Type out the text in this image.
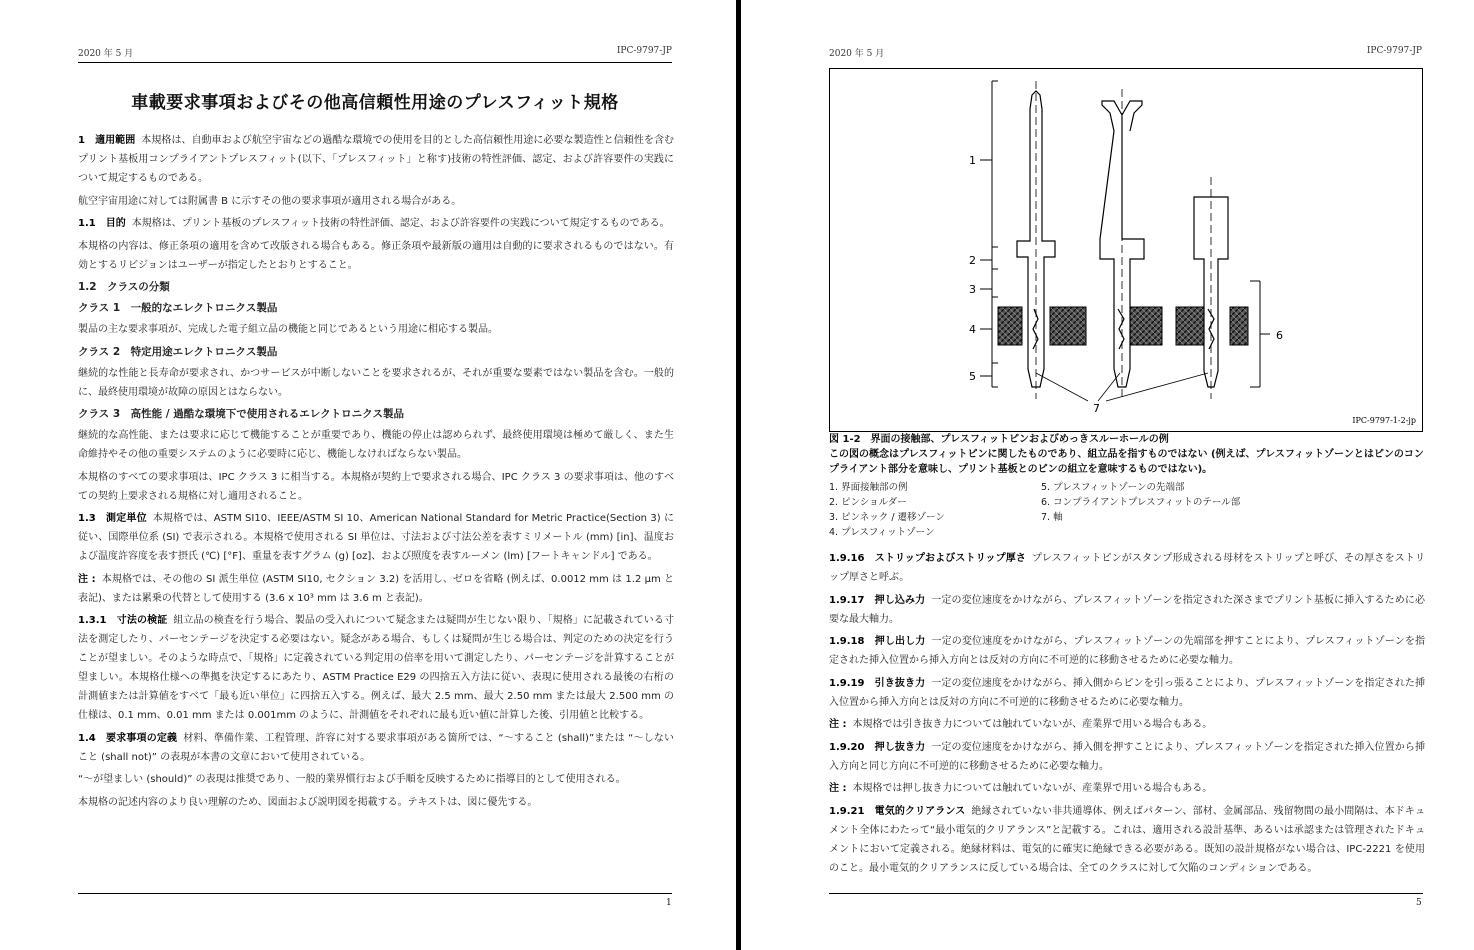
2020 年 5 月	IPC-9797-JP
車載要求事項およびその他高信頼性用途のプレスフィット規格

1　適用範囲 本規格は、自動車および航空宇宙などの過酷な環境での使用を目的とした高信頼性用途に必要な製造性と信頼性を含むプリント基板用コンプライアントプレスフィット(以下、「プレスフィット」と称す)技術の特性評価、認定、および許容要件の実践について規定するものである。

航空宇宙用途に対しては附属書 B に示すその他の要求事項が適用される場合がある。

1.1　目的 本規格は、プリント基板のプレスフィット技術の特性評価、認定、および許容要件の実践について規定するものである。

本規格の内容は、修正条項の適用を含めて改版される場合もある。修正条項や最新版の適用は自動的に要求されるものではない。有効とするリビジョンはユーザーが指定したとおりとすること。

1.2　クラスの分類

クラス 1　一般的なエレクトロニクス製品

製品の主な要求事項が、完成した電子組立品の機能と同じであるという用途に相応する製品。

クラス 2　特定用途エレクトロニクス製品

継続的な性能と長寿命が要求され、かつサービスが中断しないことを要求されるが、それが重要な要素ではない製品を含む。一般的に、最終使用環境が故障の原因とはならない。

クラス 3　高性能 / 過酷な環境下で使用されるエレクトロニクス製品

継続的な高性能、または要求に応じて機能することが重要であり、機能の停止は認められず、最終使用環境は極めて厳しく、また生命維持やその他の重要システムのように必要時に応じ、機能しなければならない製品。

本規格のすべての要求事項は、IPC クラス 3 に相当する。本規格が契約上で要求される場合、IPC クラス 3 の要求事項は、他のすべての契約上要求される規格に対し適用されること。

1.3　測定単位 本規格では、ASTM SI10、IEEE/ASTM SI 10、American National Standard for Metric Practice(Section 3) に従い、国際単位系 (SI) で表示される。本規格で使用される SI 単位は、寸法および寸法公差を表すミリメートル (mm) [in]、温度および温度許容度を表す摂氏 (℃) [°F]、重量を表すグラム (g) [oz]、および照度を表すルーメン (lm) [フートキャンドル] である。

注 : 本規格では、その他の SI 派生単位 (ASTM SI10, セクション 3.2) を活用し、ゼロを省略 (例えば、0.0012 mm は 1.2 µm と表記)、または累乗の代替として使用する (3.6 x 10³ mm は 3.6 m と表記)。

1.3.1　寸法の検証 組立品の検査を行う場合、製品の受入れについて疑念または疑問が生じない限り、「規格」に記載されている寸法を測定したり、パーセンテージを決定する必要はない。疑念がある場合、もしくは疑問が生じる場合は、判定のための決定を行うことが望ましい。そのような時点で、「規格」に定義されている判定用の倍率を用いて測定したり、パーセンテージを計算することが望ましい。本規格仕様への準拠を決定するにあたり、ASTM Practice E29 の四捨五入方法に従い、表現に使用される最後の右桁の計測値または計算値をすべて「最も近い単位」に四捨五入する。例えば、最大 2.5 mm、最大 2.50 mm または最大 2.500 mm の仕様は、0.1 mm、0.01 mm または 0.001mm のように、計測値をそれぞれに最も近い値に計算した後、引用値と比較する。

1.4　要求事項の定義 材料、準備作業、工程管理、許容に対する要求事項がある箇所では、“～すること (shall)”または “～しないこと (shall not)” の表現が本書の文章において使用されている。

“～が望ましい (should)” の表現は推奨であり、一般的業界慣行および手順を反映するために指導目的として使用される。

本規格の記述内容のより良い理解のため、図面および説明図を掲載する。テキストは、図に優先する。

1
2020 年 5 月	IPC-9797-JP
1
2
3
4
5
6
7
IPC-9797-1-2-jp
図 1-2　界面の接触部、プレスフィットピンおよびめっきスルーホールの例
この図の概念はプレスフィットピンに関したものであり、組立品を指すものではない (例えば、プレスフィットゾーンとはピンのコンプライアント部分を意味し、プリント基板とのピンの組立を意味するものではない)。
1. 界面接触部の例
2. ピンショルダー
3. ピンネック / 遷移ゾーン
4. プレスフィットゾーン
5. プレスフィットゾーンの先端部
6. コンプライアントプレスフィットのテール部
7. 軸

1.9.16　ストリップおよびストリップ厚さ プレスフィットピンがスタンプ形成される母材をストリップと呼び、その厚さをストリップ厚さと呼ぶ。

1.9.17　押し込み力 一定の変位速度をかけながら、プレスフィットゾーンを指定された深さまでプリント基板に挿入するために必要な最大軸力。

1.9.18　押し出し力 一定の変位速度をかけながら、プレスフィットゾーンの先端部を押すことにより、プレスフィットゾーンを指定された挿入位置から挿入方向とは反対の方向に不可逆的に移動させるために必要な軸力。

1.9.19　引き抜き力 一定の変位速度をかけながら、挿入側からピンを引っ張ることにより、プレスフィットゾーンを指定された挿入位置から挿入方向とは反対の方向に不可逆的に移動させるために必要な軸力。

注 : 本規格では引き抜き力については触れていないが、産業界で用いる場合もある。

1.9.20　押し抜き力 一定の変位速度をかけながら、挿入側を押すことにより、プレスフィットゾーンを指定された挿入位置から挿入方向と同じ方向に不可逆的に移動させるために必要な軸力。

注 : 本規格では押し抜き力については触れていないが、産業界で用いる場合もある。

1.9.21　電気的クリアランス 絶縁されていない非共通導体、例えばパターン、部材、金属部品、残留物間の最小間隔は、本ドキュメント全体にわたって“最小電気的クリアランス”と記載する。これは、適用される設計基準、あるいは承認または管理されたドキュメントにおいて定義される。絶縁材料は、電気的に確実に絶縁できる必要がある。既知の設計規格がない場合は、IPC-2221 を使用のこと。最小電気的クリアランスに反している場合は、全てのクラスに対して欠陥のコンディションである。

5
